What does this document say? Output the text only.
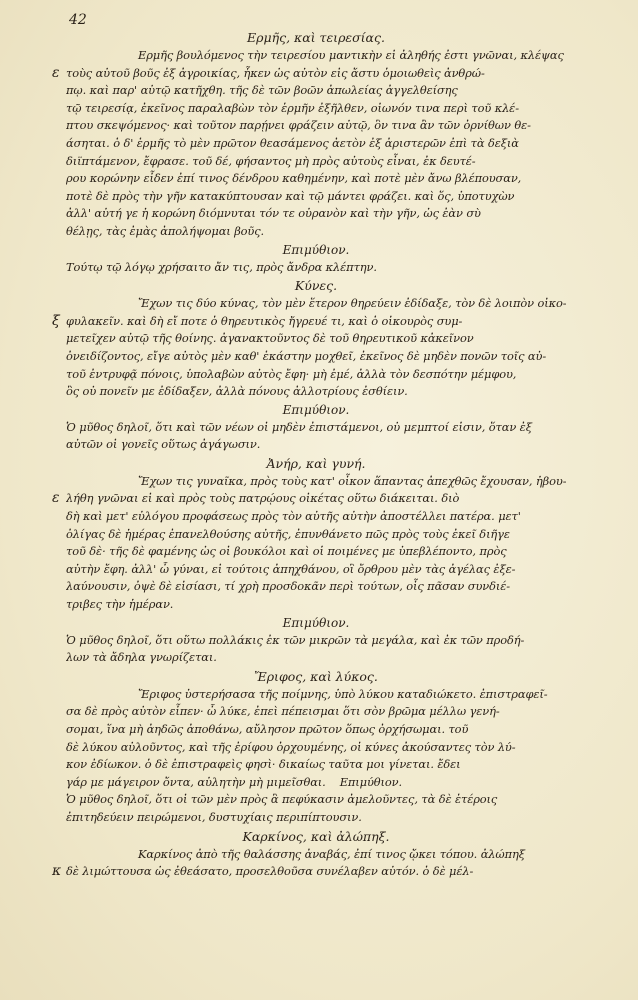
42
Ερμῆς, καὶ τειρεσίας.
Ερμῆς βουλόμενος τὴν τειρεσίου μαντικὴν εἰ ἀληθής ἐστι γνῶναι, κλέψας
ε τοὺς αὐτοῦ βοῦς ἐξ ἀγροικίας, ἧκεν ὡς αὐτὸν εἰς ἄστυ ὁμοιωθεὶς ἀνθρώ-
πῳ. καὶ παρ' αὐτῷ κατῆχθη. τῆς δὲ τῶν βοῶν ἀπωλείας ἀγγελθείσης
τῷ τειρεσίᾳ, ἐκεῖνος παραλαβὼν τὸν ἑρμῆν ἐξῆλθεν, οἰωνόν τινα περὶ τοῦ κλέ-
πτου σκεψόμενος· καὶ τοῦτον παρῄνει φράζειν αὐτῷ, ὃν τινα ἂν τῶν ὀρνίθων θε-
άσηται. ὁ δ' ἑρμῆς τὸ μὲν πρῶτον θεασάμενος ἀετὸν ἐξ ἀριστερῶν ἐπὶ τὰ δεξιὰ
διϊπτάμενον, ἔφρασε. τοῦ δέ, φήσαντος μὴ πρὸς αὐτοὺς εἶναι, ἐκ δευτέ-
ρου κορώνην εἶδεν ἐπί τινος δένδρου καθημένην, καὶ ποτὲ μὲν ἄνω βλέπουσαν,
ποτὲ δὲ πρὸς τὴν γῆν κατακύπτουσαν καὶ τῷ μάντει φράζει. καὶ ὅς, ὑποτυχὼν
ἀλλ' αὐτή γε ἡ κορώνη διόμνυται τόν τε οὐρανὸν καὶ τὴν γῆν, ὡς ἐὰν σὺ
θέλῃς, τὰς ἐμὰς ἀπολήψομαι βοῦς.
Επιμύθιον.
Τούτῳ τῷ λόγῳ χρήσαιτο ἄν τις, πρὸς ἄνδρα κλέπτην.
Κύνες.
Ἔχων τις δύο κύνας, τὸν μὲν ἕτερον θηρεύειν ἐδίδαξε, τὸν δὲ λοιπὸν οἰκο-
ξ φυλακεῖν. καὶ δὴ εἴ ποτε ὁ θηρευτικὸς ἤγρευέ τι, καὶ ὁ οἰκουρὸς συμ-
μετεῖχεν αὐτῷ τῆς θοίνης. ἀγανακτοῦντος δὲ τοῦ θηρευτικοῦ κἀκεῖνον
ὀνειδίζοντος, εἴγε αὐτὸς μὲν καθ' ἑκάστην μοχθεῖ, ἐκεῖνος δὲ μηδὲν πονῶν τοῖς αὐ-
τοῦ ἐντρυφᾷ πόνοις, ὑπολαβὼν αὐτὸς ἔφη· μὴ ἐμέ, ἀλλὰ τὸν δεσπότην μέμφου,
ὃς οὐ πονεῖν με ἐδίδαξεν, ἀλλὰ πόνους ἀλλοτρίους ἐσθίειν.
Επιμύθιον.
Ὁ μῦθος δηλοῖ, ὅτι καὶ τῶν νέων οἱ μηδὲν ἐπιστάμενοι, οὐ μεμπτοί εἰσιν, ὅταν ἐξ
αὐτῶν οἱ γονεῖς οὕτως ἀγάγωσιν.
Ἀνήρ, καὶ γυνή.
Ἔχων τις γυναῖκα, πρὸς τοὺς κατ' οἶκον ἅπαντας ἀπεχθῶς ἔχουσαν, ἠβου-
ε λήθη γνῶναι εἰ καὶ πρὸς τοὺς πατρῴους οἰκέτας οὕτω διάκειται. διὸ
δὴ καὶ μετ' εὐλόγου προφάσεως πρὸς τὸν αὐτῆς αὐτὴν ἀποστέλλει πατέρα. μετ'
ὀλίγας δὲ ἡμέρας ἐπανελθούσης αὐτῆς, ἐπυνθάνετο πῶς πρὸς τοὺς ἐκεῖ διῆγε
τοῦ δὲ· τῆς δὲ φαμένης ὡς οἱ βουκόλοι καὶ οἱ ποιμένες με ὑπεβλέποντο, πρὸς
αὐτὴν ἔφη. ἀλλ' ὦ γύναι, εἰ τούτοις ἀπηχθάνου, οἳ ὄρθρου μὲν τὰς ἀγέλας ἐξε-
λαύνουσιν, ὀψὲ δὲ εἰσίασι, τί χρὴ προσδοκᾶν περὶ τούτων, οἷς πᾶσαν συνδιέ-
τριβες τὴν ἡμέραν.
Επιμύθιον.
Ὁ μῦθος δηλοῖ, ὅτι οὕτω πολλάκις ἐκ τῶν μικρῶν τὰ μεγάλα, καὶ ἐκ τῶν προδή-
λων τὰ ἄδηλα γνωρίζεται.
Ἔριφος, καὶ λύκος.
Ἔριφος ὑστερήσασα τῆς ποίμνης, ὑπὸ λύκου καταδιώκετο. ἐπιστραφεῖ-
σα δὲ πρὸς αὐτὸν εἶπεν· ὦ λύκε, ἐπεὶ πέπεισμαι ὅτι σὸν βρῶμα μέλλω γενή-
σομαι, ἵνα μὴ ἀηδῶς ἀποθάνω, αὔλησον πρῶτον ὅπως ὀρχήσωμαι. τοῦ
δὲ λύκου αὐλοῦντος, καὶ τῆς ἐρίφου ὀρχουμένης, οἱ κύνες ἀκούσαντες τὸν λύ-
κον ἐδίωκον. ὁ δὲ ἐπιστραφεὶς φησὶ· δικαίως ταῦτα μοι γίνεται. ἔδει
γάρ με μάγειρον ὄντα, αὐλητὴν μὴ μιμεῖσθαι. Επιμύθιον.
Ὁ μῦθος δηλοῖ, ὅτι οἱ τῶν μὲν πρὸς ἃ πεφύκασιν ἀμελοῦντες, τὰ δὲ ἑτέροις
ἐπιτηδεύειν πειρώμενοι, δυστυχίαις περιπίπτουσιν.
Καρκίνος, καὶ ἀλώπηξ.
Καρκίνος ἀπὸ τῆς θαλάσσης ἀναβάς, ἐπί τινος ᾤκει τόπου. ἀλώπηξ
κ δὲ λιμώττουσα ὡς ἐθεάσατο, προσελθοῦσα συνέλαβεν αὐτόν. ὁ δὲ μέλ-
